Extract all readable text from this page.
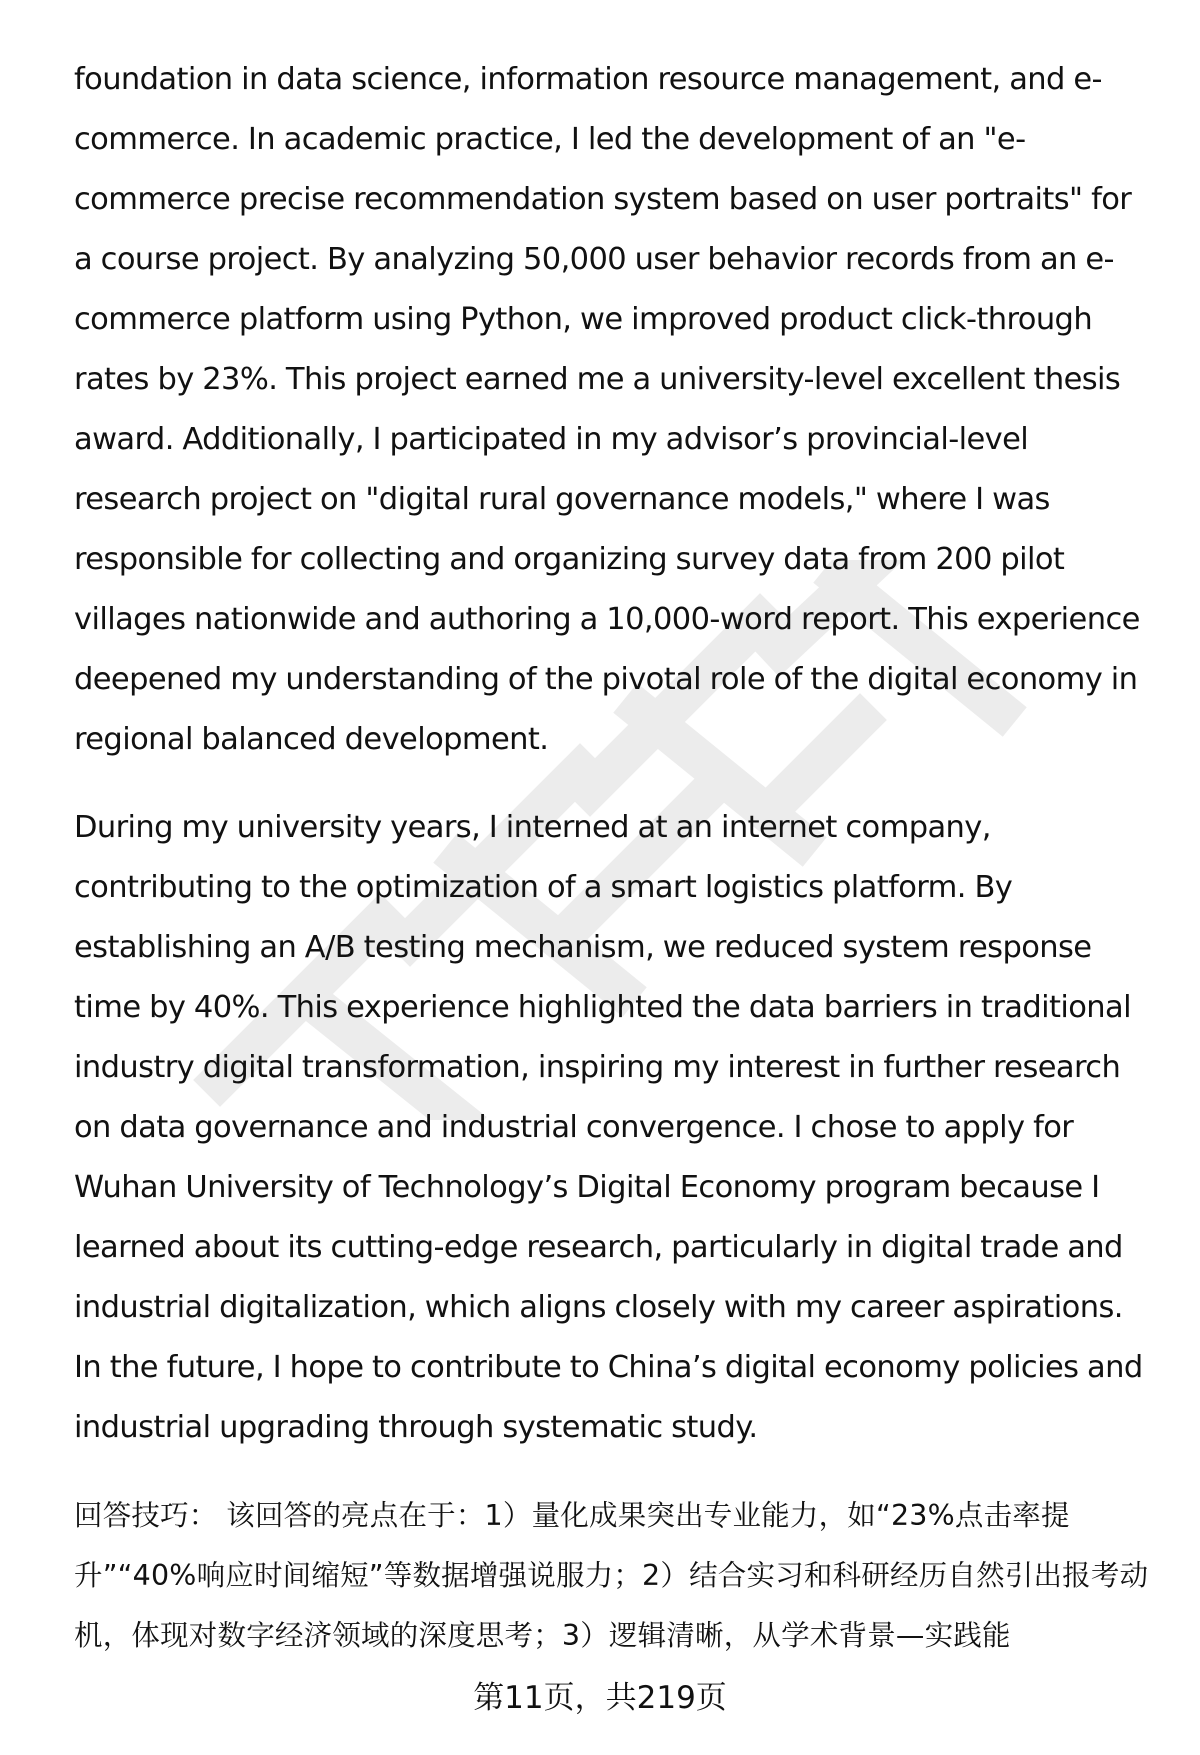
foundation in data science, information resource management, and e-commerce. In academic practice, I led the development of an "e-commerce precise recommendation system based on user portraits" for a course project. By analyzing 50,000 user behavior records from an e-commerce platform using Python, we improved product click-through rates by 23%. This project earned me a university-level excellent thesis award. Additionally, I participated in my advisor’s provincial-level research project on "digital rural governance models," where I was responsible for collecting and organizing survey data from 200 pilot villages nationwide and authoring a 10,000-word report. This experience deepened my understanding of the pivotal role of the digital economy in regional balanced development.

During my university years, I interned at an internet company, contributing to the optimization of a smart logistics platform. By establishing an A/B testing mechanism, we reduced system response time by 40%. This experience highlighted the data barriers in traditional industry digital transformation, inspiring my interest in further research on data governance and industrial convergence. I chose to apply for Wuhan University of Technology’s Digital Economy program because I learned about its cutting-edge research, particularly in digital trade and industrial digitalization, which aligns closely with my career aspirations. In the future, I hope to contribute to China’s digital economy policies and industrial upgrading through systematic study.

回答技巧： 该回答的亮点在于：1）量化成果突出专业能力，如“23%点击率提升”“40%响应时间缩短”等数据增强说服力；2）结合实习和科研经历自然引出报考动机，体现对数字经济领域的深度思考；3）逻辑清晰，从学术背景—实践能

第11页，共219页
